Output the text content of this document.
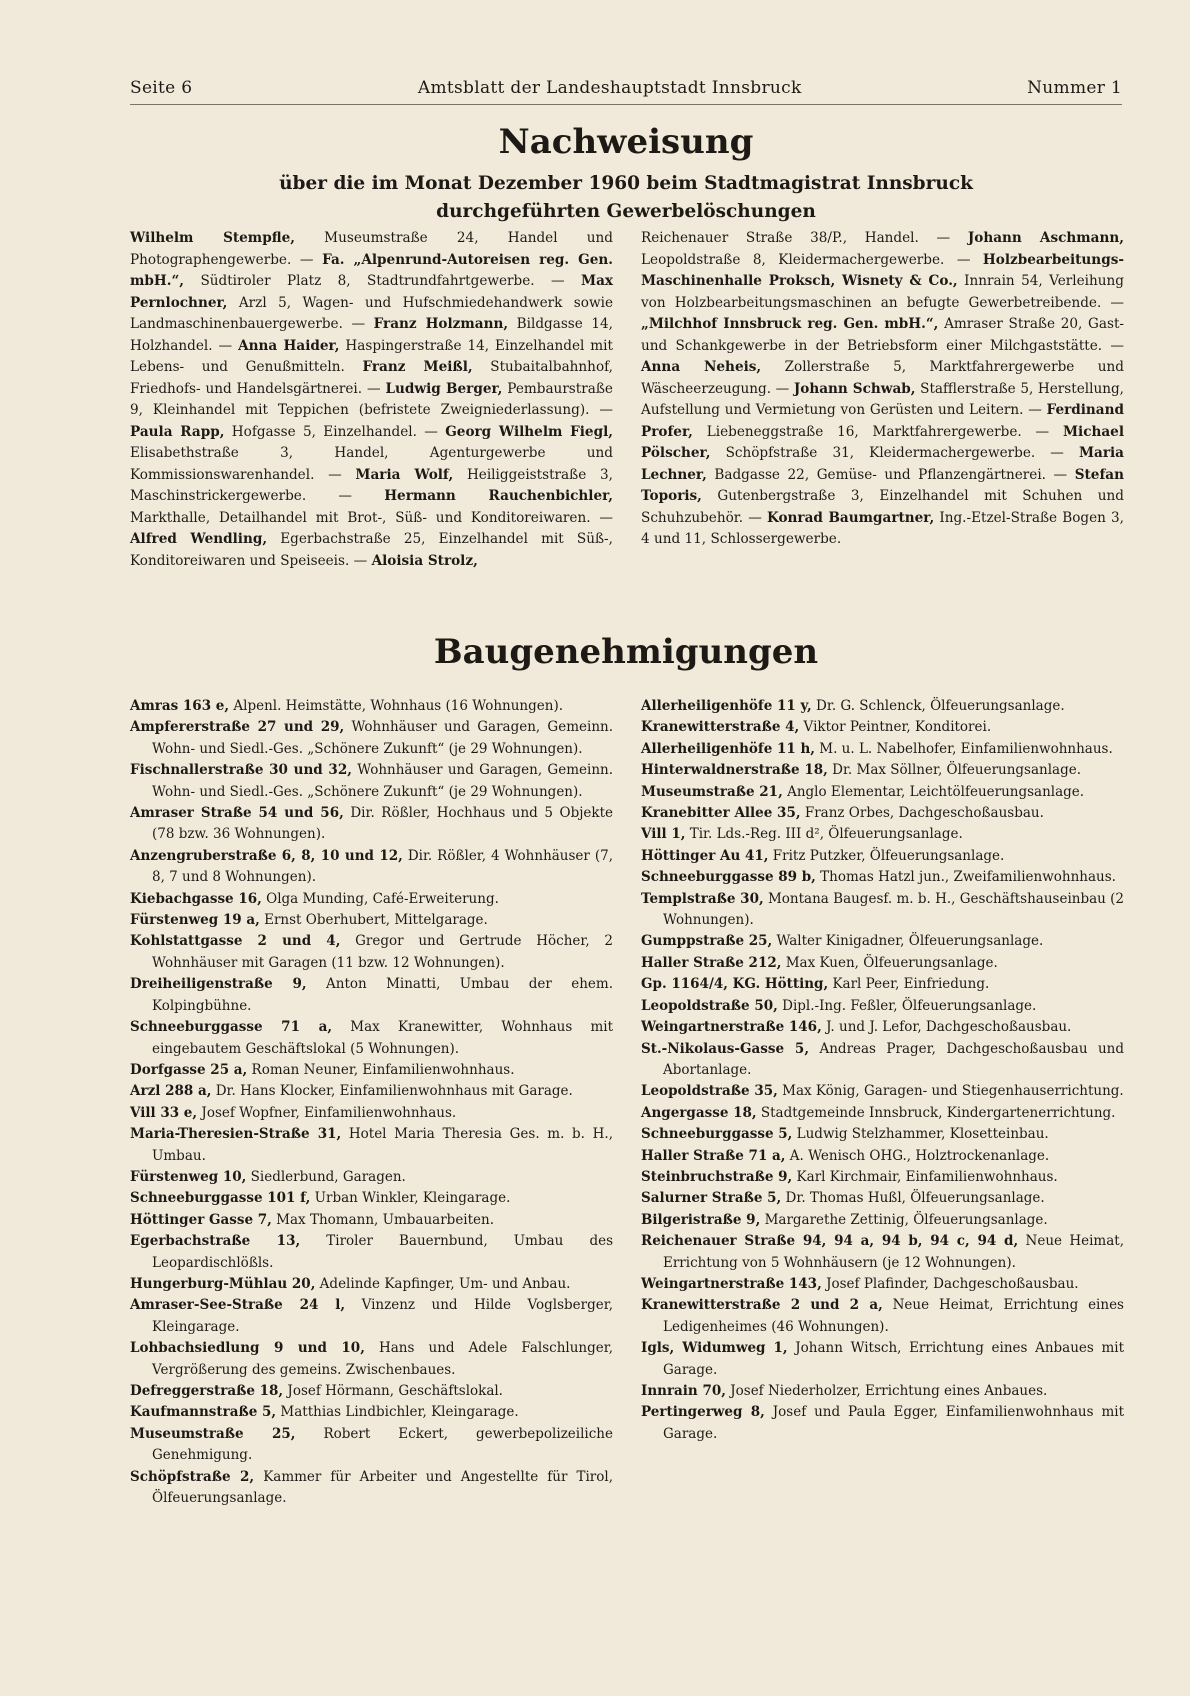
Seite 6	Amtsblatt der Landeshauptstadt Innsbruck	Nummer 1
Nachweisung
über die im Monat Dezember 1960 beim Stadtmagistrat Innsbruck
durchgeführten Gewerbelöschungen

Wilhelm Stempfle, Museumstraße 24, Handel und Photographengewerbe. — Fa. „Alpenrund-Autoreisen reg. Gen. mbH.“, Südtiroler Platz 8, Stadtrundfahrtgewerbe. — Max Pernlochner, Arzl 5, Wagen- und Hufschmiedehandwerk sowie Landmaschinenbauergewerbe. — Franz Holzmann, Bildgasse 14, Holzhandel. — Anna Haider, Haspingerstraße 14, Einzelhandel mit Lebens- und Genußmitteln. Franz Meißl, Stubaitalbahnhof, Friedhofs- und Handelsgärtnerei. — Ludwig Berger, Pembaurstraße 9, Kleinhandel mit Teppichen (befristete Zweigniederlassung). — Paula Rapp, Hofgasse 5, Einzelhandel. — Georg Wilhelm Fiegl, Elisabethstraße 3, Handel, Agenturgewerbe und Kommissionswarenhandel. — Maria Wolf, Heiliggeiststraße 3, Maschinstrickergewerbe. — Hermann Rauchenbichler, Markthalle, Detailhandel mit Brot-, Süß- und Konditoreiwaren. — Alfred Wendling, Egerbachstraße 25, Einzelhandel mit Süß-, Konditoreiwaren und Speiseeis. — Aloisia Strolz,

Reichenauer Straße 38/P., Handel. — Johann Aschmann, Leopoldstraße 8, Kleidermachergewerbe. — Holzbearbeitungs-Maschinenhalle Proksch, Wisnety & Co., Innrain 54, Verleihung von Holzbearbeitungsmaschinen an befugte Gewerbetreibende. — „Milchhof Innsbruck reg. Gen. mbH.“, Amraser Straße 20, Gast- und Schankgewerbe in der Betriebsform einer Milchgaststätte. — Anna Neheis, Zollerstraße 5, Marktfahrergewerbe und Wäscheerzeugung. — Johann Schwab, Stafflerstraße 5, Herstellung, Aufstellung und Vermietung von Gerüsten und Leitern. — Ferdinand Profer, Liebeneggstraße 16, Marktfahrergewerbe. — Michael Pölscher, Schöpfstraße 31, Kleidermachergewerbe. — Maria Lechner, Badgasse 22, Gemüse- und Pflanzengärtnerei. — Stefan Toporis, Gutenbergstraße 3, Einzelhandel mit Schuhen und Schuhzubehör. — Konrad Baumgartner, Ing.-Etzel-Straße Bogen 3, 4 und 11, Schlossergewerbe.

Baugenehmigungen

Amras 163 e, Alpenl. Heimstätte, Wohnhaus (16 Wohnungen).

Ampfererstraße 27 und 29, Wohnhäuser und Garagen, Gemeinn. Wohn- und Siedl.-Ges. „Schönere Zukunft“ (je 29 Wohnungen).

Fischnallerstraße 30 und 32, Wohnhäuser und Garagen, Gemeinn. Wohn- und Siedl.-Ges. „Schönere Zukunft“ (je 29 Wohnungen).

Amraser Straße 54 und 56, Dir. Rößler, Hochhaus und 5 Objekte (78 bzw. 36 Wohnungen).

Anzengruberstraße 6, 8, 10 und 12, Dir. Rößler, 4 Wohnhäuser (7, 8, 7 und 8 Wohnungen).

Kiebachgasse 16, Olga Munding, Café-Erweiterung.

Fürstenweg 19 a, Ernst Oberhubert, Mittelgarage.

Kohlstattgasse 2 und 4, Gregor und Gertrude Höcher, 2 Wohnhäuser mit Garagen (11 bzw. 12 Wohnungen).

Dreiheiligenstraße 9, Anton Minatti, Umbau der ehem. Kolpingbühne.

Schneeburggasse 71 a, Max Kranewitter, Wohnhaus mit eingebautem Geschäftslokal (5 Wohnungen).

Dorfgasse 25 a, Roman Neuner, Einfamilienwohnhaus.

Arzl 288 a, Dr. Hans Klocker, Einfamilienwohnhaus mit Garage.

Vill 33 e, Josef Wopfner, Einfamilienwohnhaus.

Maria-Theresien-Straße 31, Hotel Maria Theresia Ges. m. b. H., Umbau.

Fürstenweg 10, Siedlerbund, Garagen.

Schneeburggasse 101 f, Urban Winkler, Kleingarage.

Höttinger Gasse 7, Max Thomann, Umbauarbeiten.

Egerbachstraße 13, Tiroler Bauernbund, Umbau des Leopardischlößls.

Hungerburg-Mühlau 20, Adelinde Kapfinger, Um- und Anbau.

Amraser-See-Straße 24 l, Vinzenz und Hilde Voglsberger, Kleingarage.

Lohbachsiedlung 9 und 10, Hans und Adele Falschlunger, Vergrößerung des gemeins. Zwischenbaues.

Defreggerstraße 18, Josef Hörmann, Geschäftslokal.

Kaufmannstraße 5, Matthias Lindbichler, Kleingarage.

Museumstraße 25, Robert Eckert, gewerbepolizeiliche Genehmigung.

Schöpfstraße 2, Kammer für Arbeiter und Angestellte für Tirol, Ölfeuerungsanlage.

Allerheiligenhöfe 11 y, Dr. G. Schlenck, Ölfeuerungsanlage.

Kranewitterstraße 4, Viktor Peintner, Konditorei.

Allerheiligenhöfe 11 h, M. u. L. Nabelhofer, Einfamilienwohnhaus.

Hinterwaldnerstraße 18, Dr. Max Söllner, Ölfeuerungsanlage.

Museumstraße 21, Anglo Elementar, Leichtölfeuerungsanlage.

Kranebitter Allee 35, Franz Orbes, Dachgeschoßausbau.

Vill 1, Tir. Lds.-Reg. III d², Ölfeuerungsanlage.

Höttinger Au 41, Fritz Putzker, Ölfeuerungsanlage.

Schneeburggasse 89 b, Thomas Hatzl jun., Zweifamilienwohnhaus.

Templstraße 30, Montana Baugesf. m. b. H., Geschäftshauseinbau (2 Wohnungen).

Gumppstraße 25, Walter Kinigadner, Ölfeuerungsanlage.

Haller Straße 212, Max Kuen, Ölfeuerungsanlage.

Gp. 1164/4, KG. Hötting, Karl Peer, Einfriedung.

Leopoldstraße 50, Dipl.-Ing. Feßler, Ölfeuerungsanlage.

Weingartnerstraße 146, J. und J. Lefor, Dachgeschoßausbau.

St.-Nikolaus-Gasse 5, Andreas Prager, Dachgeschoßausbau und Abortanlage.

Leopoldstraße 35, Max König, Garagen- und Stiegenhauserrichtung.

Angergasse 18, Stadtgemeinde Innsbruck, Kindergartenerrichtung.

Schneeburggasse 5, Ludwig Stelzhammer, Klosetteinbau.

Haller Straße 71 a, A. Wenisch OHG., Holztrockenanlage.

Steinbruchstraße 9, Karl Kirchmair, Einfamilienwohnhaus.

Salurner Straße 5, Dr. Thomas Hußl, Ölfeuerungsanlage.

Bilgeristraße 9, Margarethe Zettinig, Ölfeuerungsanlage.

Reichenauer Straße 94, 94 a, 94 b, 94 c, 94 d, Neue Heimat, Errichtung von 5 Wohnhäusern (je 12 Wohnungen).

Weingartnerstraße 143, Josef Plafinder, Dachgeschoßausbau.

Kranewitterstraße 2 und 2 a, Neue Heimat, Errichtung eines Ledigenheimes (46 Wohnungen).

Igls, Widumweg 1, Johann Witsch, Errichtung eines Anbaues mit Garage.

Innrain 70, Josef Niederholzer, Errichtung eines Anbaues.

Pertingerweg 8, Josef und Paula Egger, Einfamilienwohnhaus mit Garage.
